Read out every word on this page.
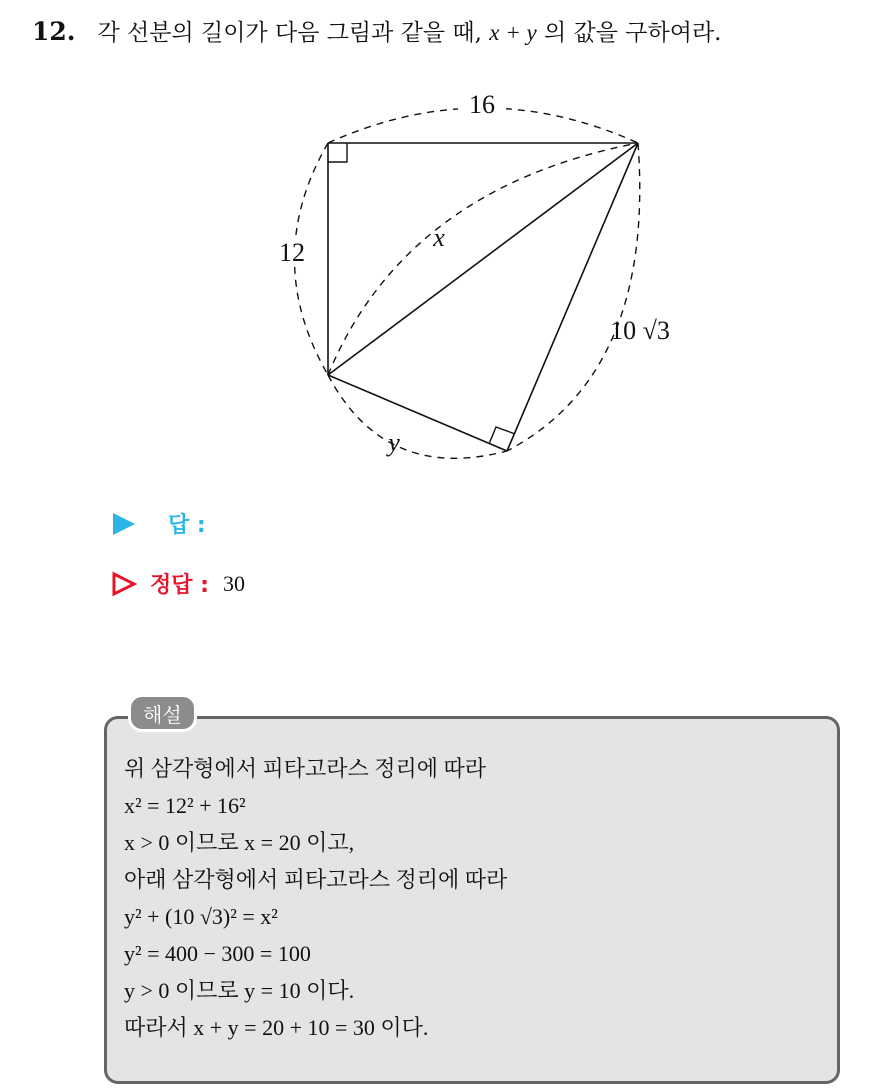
12. 각 선분의 길이가 다음 그림과 같을 때, x + y 의 값을 구하여라.
16
12
x
10 √3
y
답 :
정답 : 30
해설
위 삼각형에서 피타고라스 정리에 따라
x² = 12² + 16²
x > 0 이므로 x = 20 이고,
아래 삼각형에서 피타고라스 정리에 따라
y² + (10 √3)² = x²
y² = 400 − 300 = 100
y > 0 이므로 y = 10 이다.
따라서 x + y = 20 + 10 = 30 이다.
